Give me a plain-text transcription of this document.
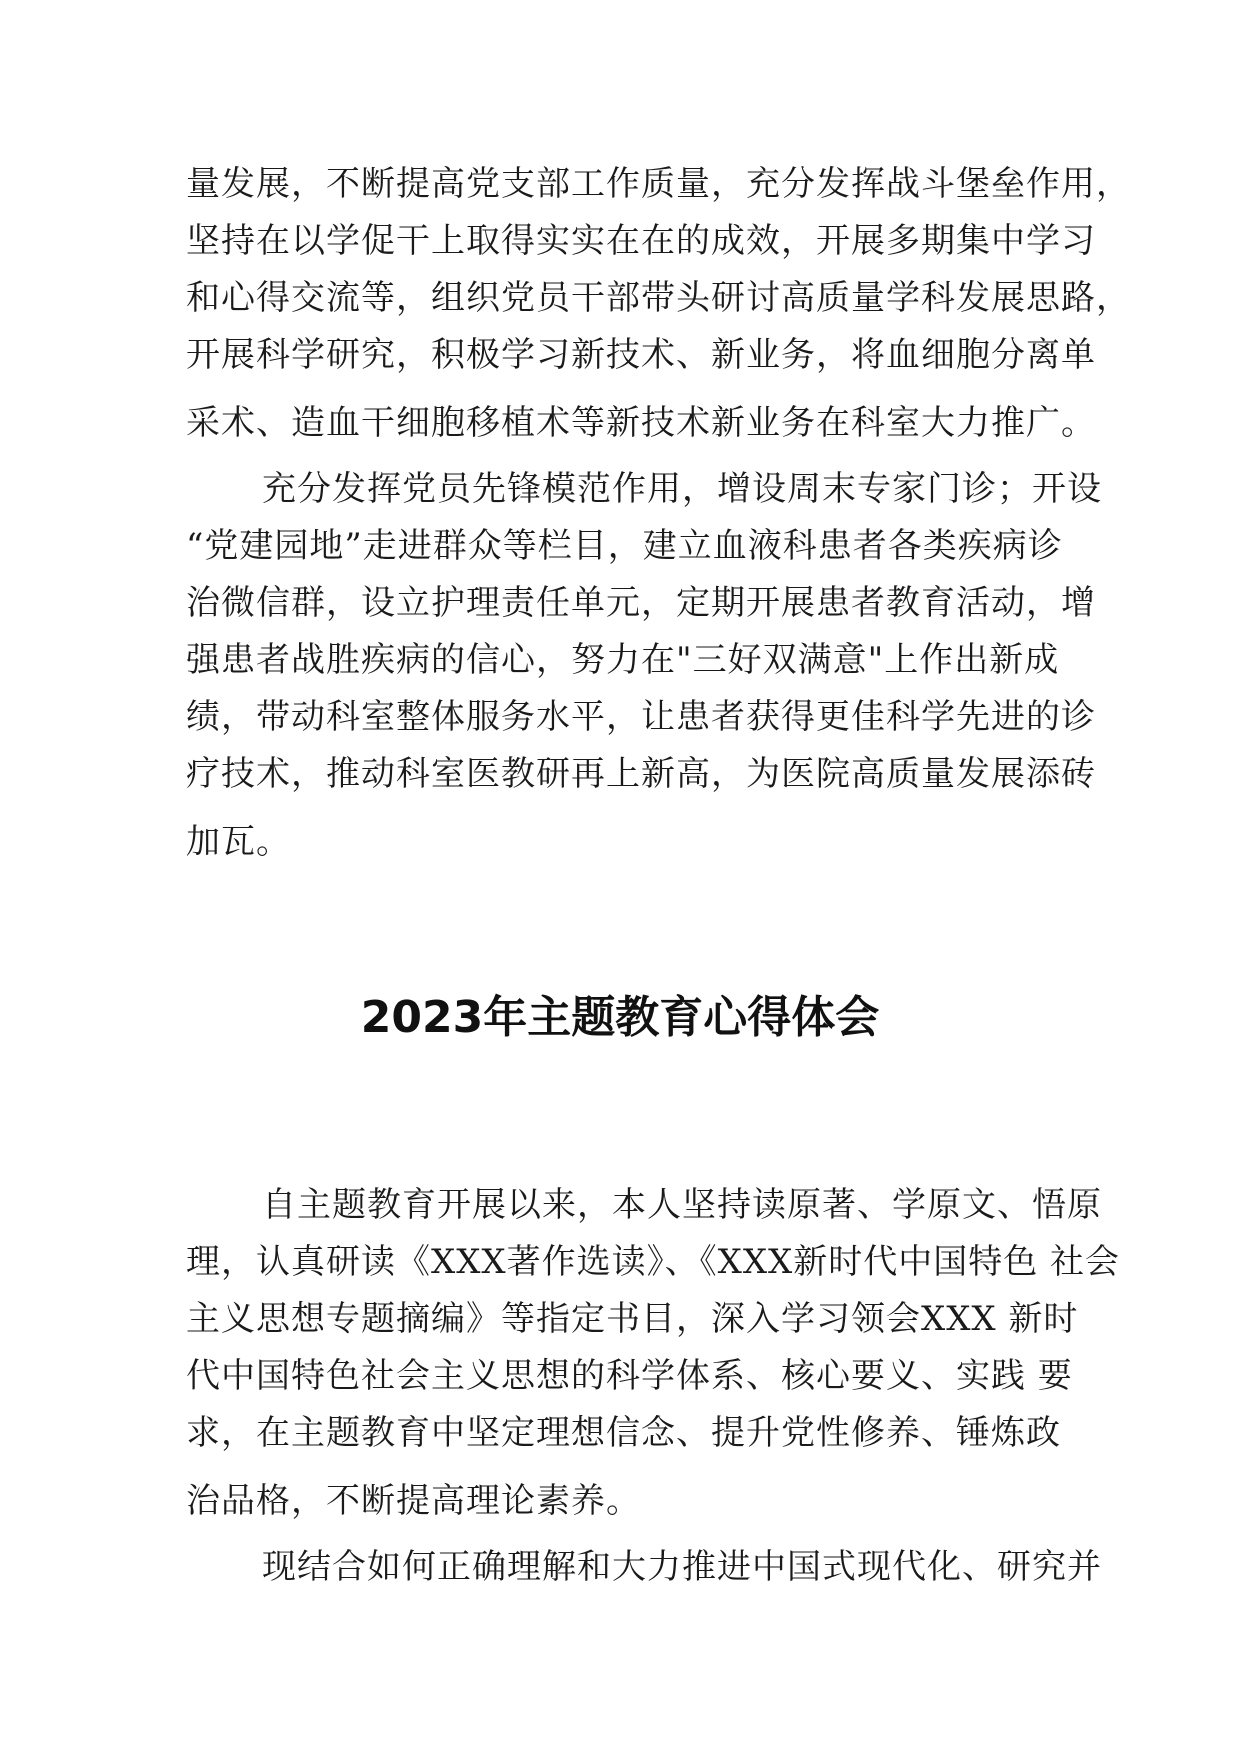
量发展，不断提高党支部工作质量，充分发挥战斗堡垒作用，
坚持在以学促干上取得实实在在的成效，开展多期集中学习
和心得交流等，组织党员干部带头研讨高质量学科发展思路，
开展科学研究，积极学习新技术、新业务，将血细胞分离单
采术、造血干细胞移植术等新技术新业务在科室大力推广。
充分发挥党员先锋模范作用，增设周末专家门诊；开设
“党建园地”走进群众等栏目，建立血液科患者各类疾病诊
治微信群，设立护理责任单元，定期开展患者教育活动，增
强患者战胜疾病的信心，努力在"三好双满意"上作出新成
绩，带动科室整体服务水平，让患者获得更佳科学先进的诊
疗技术，推动科室医教研再上新高，为医院高质量发展添砖
加瓦。
2023年主题教育心得体会
自主题教育开展以来，本人坚持读原著、学原文、悟原
理，认真研读《XXX著作选读》、《XXX新时代中国特色 社会
主义思想专题摘编》等指定书目，深入学习领会XXX 新时
代中国特色社会主义思想的科学体系、核心要义、实践 要
求，在主题教育中坚定理想信念、提升党性修养、锤炼政
治品格，不断提高理论素养。
现结合如何正确理解和大力推进中国式现代化、研究并
